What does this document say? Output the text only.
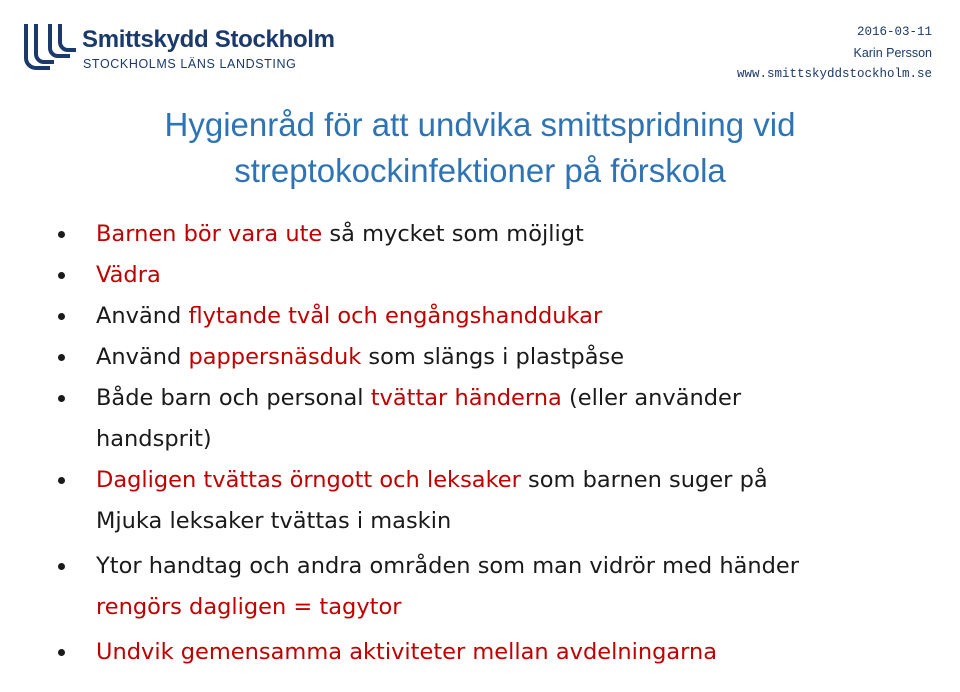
Smittskydd Stockholm
STOCKHOLMS LÄNS LANDSTING
2016-03-11
Karin Persson
www.smittskyddstockholm.se
Hygienråd för att undvika smittspridning vid
streptokockinfektioner på förskola
Barnen bör vara ute så mycket som möjligt
Vädra
Använd flytande tvål och engångshanddukar
Använd pappersnäsduk som slängs i plastpåse
Både barn och personal tvättar händerna (eller använder
handsprit)
Dagligen tvättas örngott och leksaker som barnen suger på
Mjuka leksaker tvättas i maskin
Ytor handtag och andra områden som man vidrör med händer
rengörs dagligen = tagytor
Undvik gemensamma aktiviteter mellan avdelningarna
